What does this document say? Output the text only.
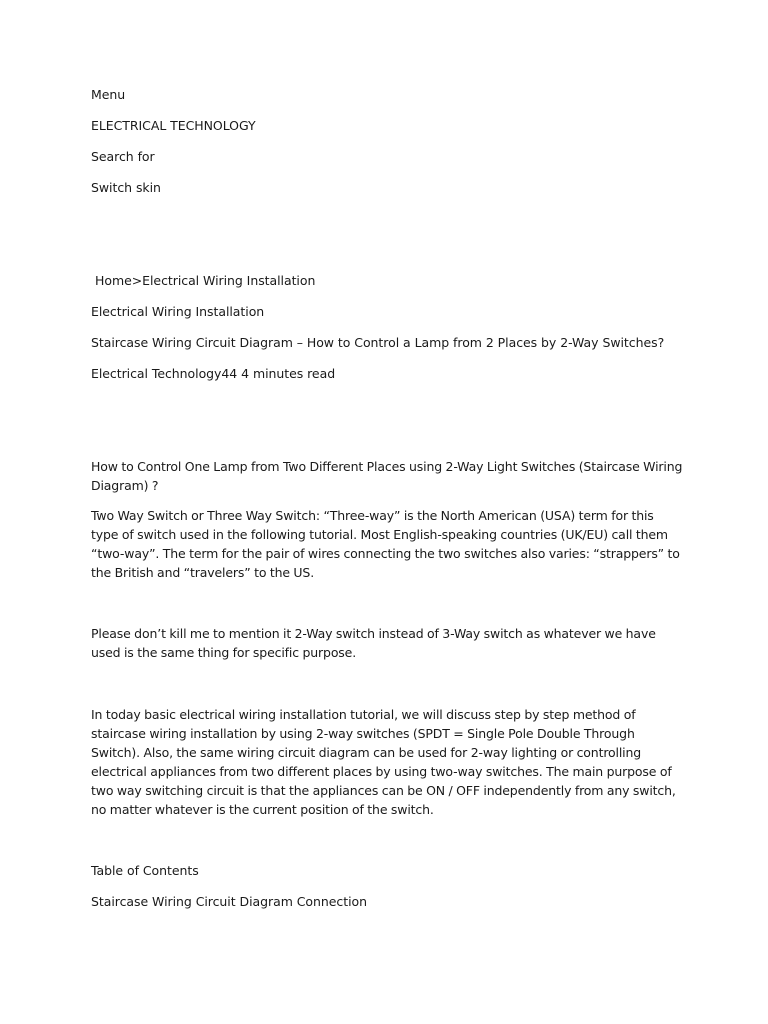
Menu

ELECTRICAL TECHNOLOGY

Search for

Switch skin

Home>Electrical Wiring Installation

Electrical Wiring Installation

Staircase Wiring Circuit Diagram – How to Control a Lamp from 2 Places by 2-Way Switches?

Electrical Technology44 4 minutes read

How to Control One Lamp from Two Different Places using 2-Way Light Switches (Staircase Wiring Diagram) ?

Two Way Switch or Three Way Switch: “Three-way” is the North American (USA) term for this type of switch used in the following tutorial. Most English-speaking countries (UK/EU) call them “two-way”. The term for the pair of wires connecting the two switches also varies: “strappers” to the British and “travelers” to the US.

Please don’t kill me to mention it 2-Way switch instead of 3-Way switch as whatever we have used is the same thing for specific purpose.

In today basic electrical wiring installation tutorial, we will discuss step by step method of staircase wiring installation by using 2-way switches (SPDT = Single Pole Double Through Switch). Also, the same wiring circuit diagram can be used for 2-way lighting or controlling electrical appliances from two different places by using two-way switches. The main purpose of two way switching circuit is that the appliances can be ON / OFF independently from any switch, no matter whatever is the current position of the switch.

Table of Contents

Staircase Wiring Circuit Diagram Connection
